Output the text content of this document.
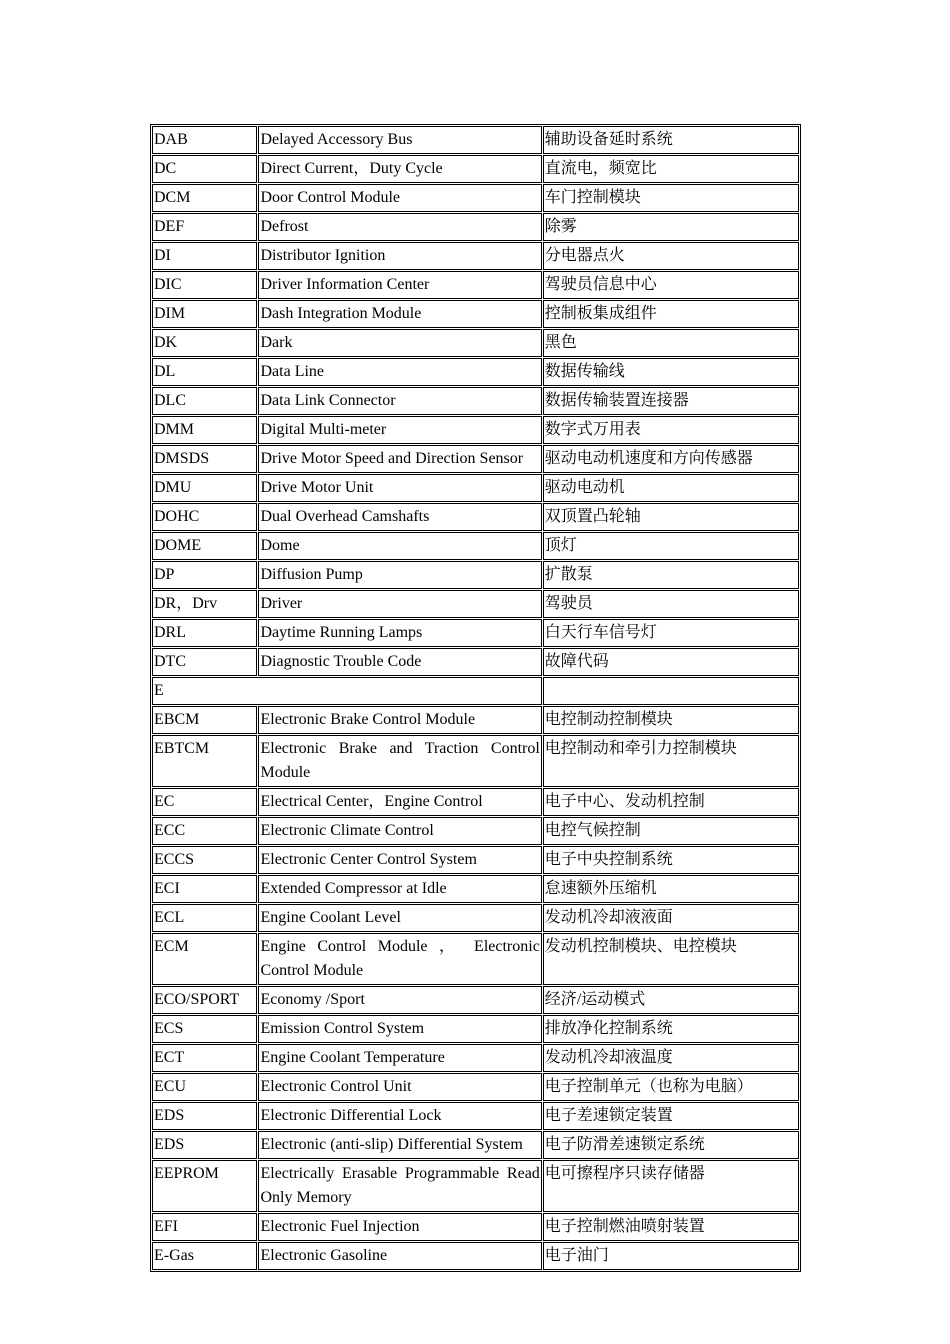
DAB	Delayed Accessory Bus	辅助设备延时系统
DC	Direct Current，Duty Cycle	直流电，频宽比
DCM	Door Control Module	车门控制模块
DEF	Defrost	除雾
DI	Distributor Ignition	分电器点火
DIC	Driver Information Center	驾驶员信息中心
DIM	Dash Integration Module	控制板集成组件
DK	Dark	黑色
DL	Data Line	数据传输线
DLC	Data Link Connector	数据传输装置连接器
DMM	Digital Multi-meter	数字式万用表
DMSDS	Drive Motor Speed and Direction Sensor	驱动电动机速度和方向传感器
DMU	Drive Motor Unit	驱动电动机
DOHC	Dual Overhead Camshafts	双顶置凸轮轴
DOME	Dome	顶灯
DP	Diffusion Pump	扩散泵
DR，Drv	Driver	驾驶员
DRL	Daytime Running Lamps	白天行车信号灯
DTC	Diagnostic Trouble Code	故障代码
E		
EBCM	Electronic Brake Control Module	电控制动控制模块
EBTCM	Electronic Brake and Traction Control Module	电控制动和牵引力控制模块
EC	Electrical Center，Engine Control	电子中心、发动机控制
ECC	Electronic Climate Control	电控气候控制
ECCS	Electronic Center Control System	电子中央控制系统
ECI	Extended Compressor at Idle	怠速额外压缩机
ECL	Engine Coolant Level	发动机冷却液液面
ECM	Engine Control Module ， Electronic Control Module	发动机控制模块、电控模块
ECO/SPORT	Economy /Sport	经济/运动模式
ECS	Emission Control System	排放净化控制系统
ECT	Engine Coolant Temperature	发动机冷却液温度
ECU	Electronic Control Unit	电子控制单元（也称为电脑）
EDS	Electronic Differential Lock	电子差速锁定装置
EDS	Electronic (anti-slip) Differential System	电子防滑差速锁定系统
EEPROM	Electrically Erasable Programmable Read Only Memory	电可擦程序只读存储器
EFI	Electronic Fuel Injection	电子控制燃油喷射装置
E-Gas	Electronic Gasoline	电子油门
